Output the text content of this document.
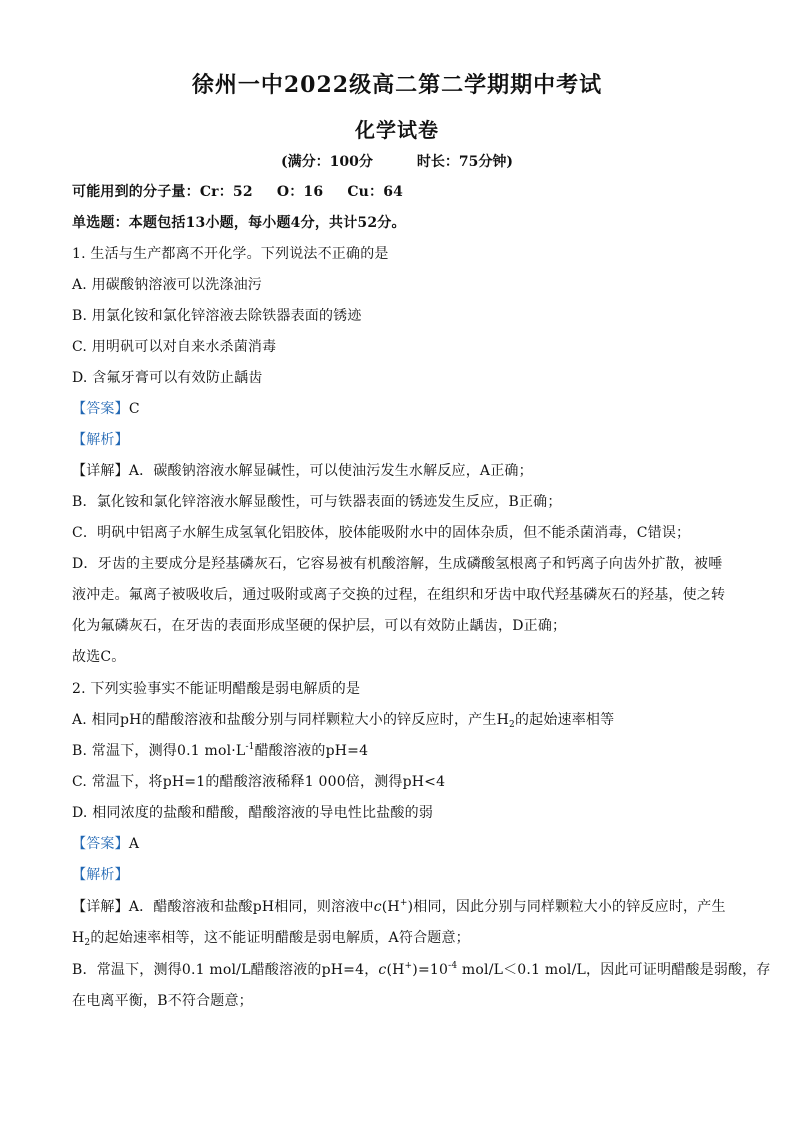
徐州一中2022级高二第二学期期中考试
化学试卷
(满分：100分	时长：75分钟)
可能用到的分子量：Cr：52 O：16 Cu：64
单选题：本题包括13小题，每小题4分，共计52分。
1. 生活与生产都离不开化学。下列说法不正确的是
A. 用碳酸钠溶液可以洗涤油污
B. 用氯化铵和氯化锌溶液去除铁器表面的锈迹
C. 用明矾可以对自来水杀菌消毒
D. 含氟牙膏可以有效防止龋齿
【答案】C
【解析】
【详解】A．碳酸钠溶液水解显碱性，可以使油污发生水解反应，A正确；
B．氯化铵和氯化锌溶液水解显酸性，可与铁器表面的锈迹发生反应，B正确；
C．明矾中铝离子水解生成氢氧化铝胶体，胶体能吸附水中的固体杂质，但不能杀菌消毒，C错误；
D．牙齿的主要成分是羟基磷灰石，它容易被有机酸溶解，生成磷酸氢根离子和钙离子向齿外扩散，被唾
液冲走。氟离子被吸收后，通过吸附或离子交换的过程，在组织和牙齿中取代羟基磷灰石的羟基，使之转
化为氟磷灰石，在牙齿的表面形成坚硬的保护层，可以有效防止龋齿，D正确；
故选C。
2. 下列实验事实不能证明醋酸是弱电解质的是
A. 相同pH的醋酸溶液和盐酸分别与同样颗粒大小的锌反应时，产生$H_2$的起始速率相等
B. 常温下，测得0.1 $mol\cdot L^{-1}$醋酸溶液的pH=4
C. 常温下，将pH=1的醋酸溶液稀释1 000倍，测得pH<4
D. 相同浓度的盐酸和醋酸，醋酸溶液的导电性比盐酸的弱
【答案】A
【解析】
【详解】A．醋酸溶液和盐酸pH相同，则溶液中c(H+)相同，因此分别与同样颗粒大小的锌反应时，产生
$H_2$的起始速率相等，这不能证明醋酸是弱电解质，A符合题意；
B．常温下，测得0.1 mol/L醋酸溶液的pH=4，$c(H^+)=10^{-4}$ mol/L＜0.1 mol/L，因此可证明醋酸是弱酸，存
在电离平衡，B不符合题意；
